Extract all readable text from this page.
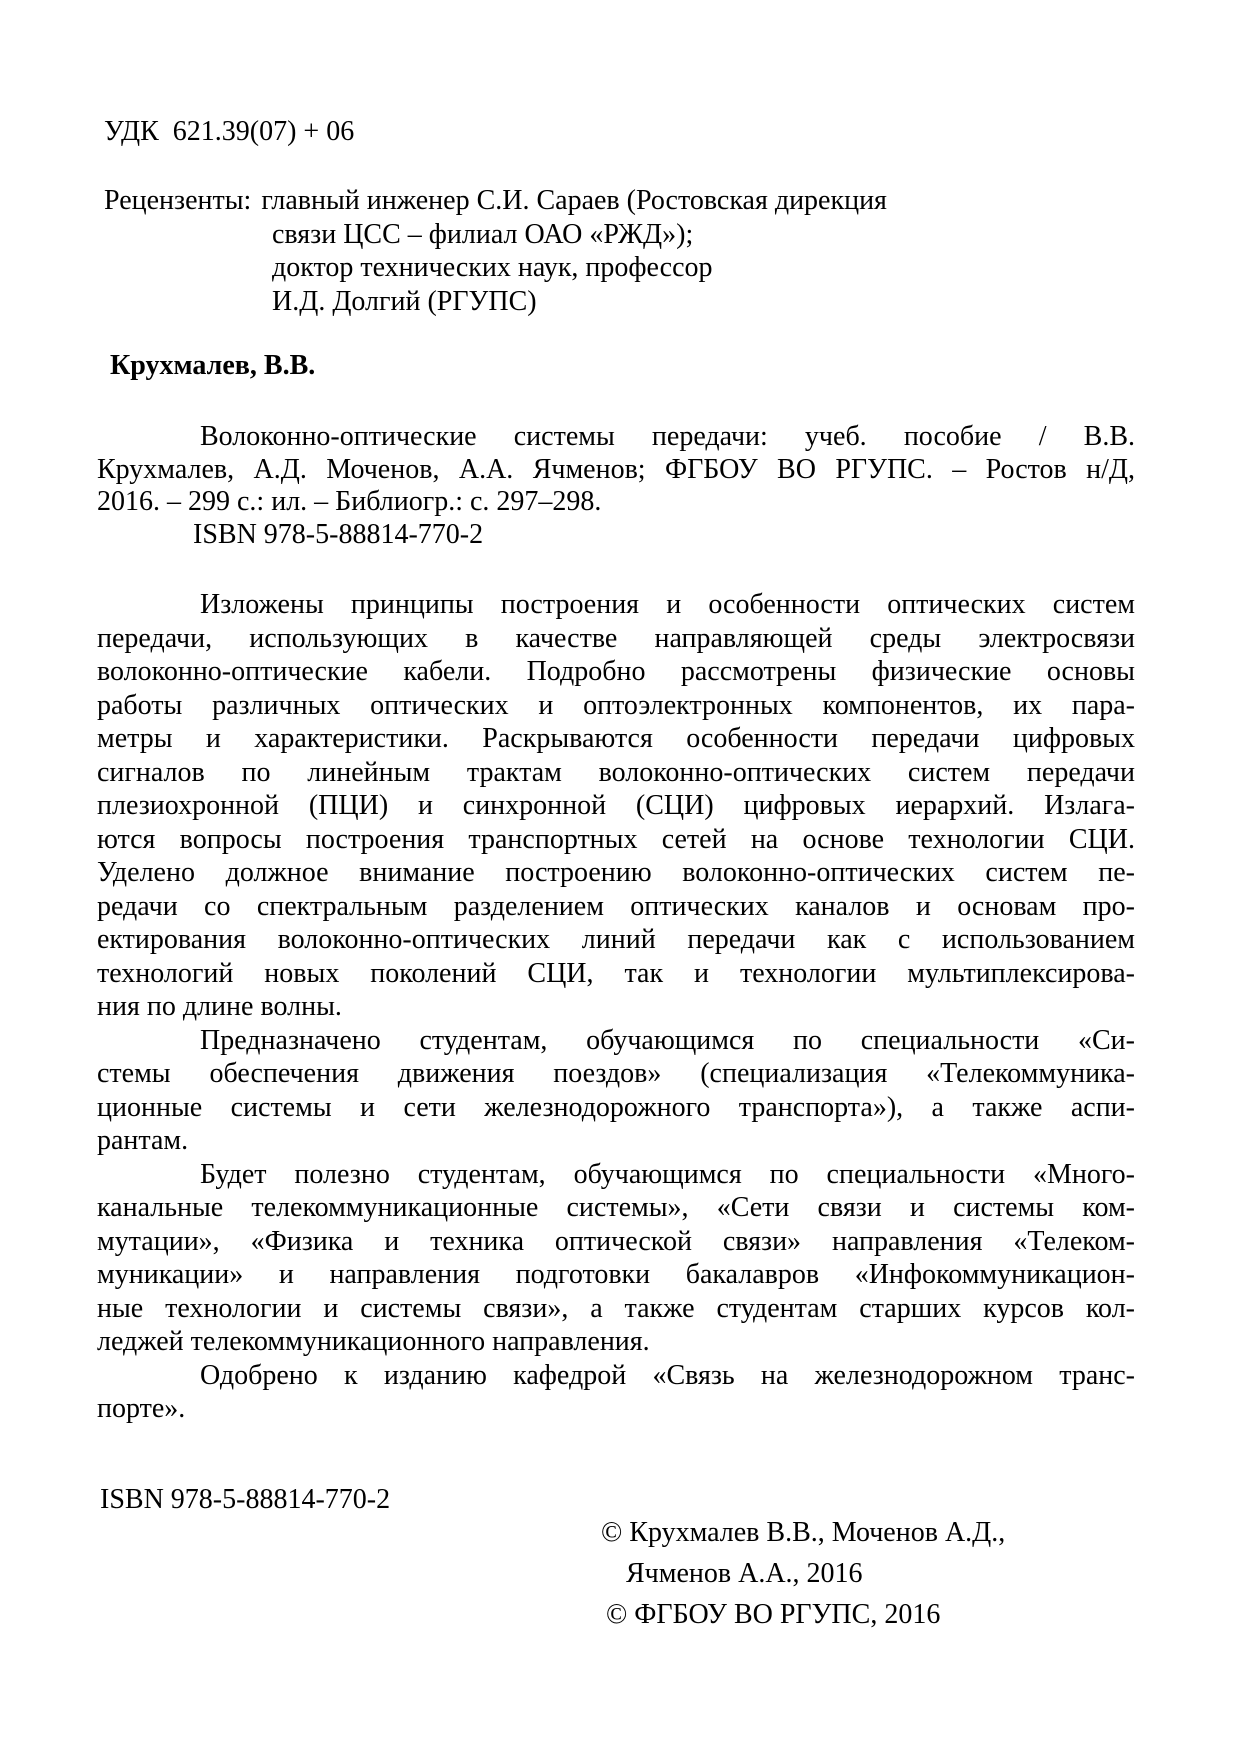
УДК  621.39(07) + 06
Рецензенты: главный инженер С.И. Сараев (Ростовская дирекция
связи ЦСС – филиал ОАО «РЖД»);
доктор технических наук, профессор
И.Д. Долгий (РГУПС)
Крухмалев, В.В.
Волоконно-оптические системы передачи: учеб. пособие / В.В.
Крухмалев, А.Д. Моченов, А.А. Ячменов; ФГБОУ ВО РГУПС. – Ростов н/Д,
2016. – 299 с.: ил. – Библиогр.: с. 297–298.
ISBN 978-5-88814-770-2
Изложены принципы построения и особенности оптических систем
передачи, использующих в качестве направляющей среды электросвязи
волоконно-оптические кабели. Подробно рассмотрены физические основы
работы различных оптических и оптоэлектронных компонентов, их пара-
метры и характеристики. Раскрываются особенности передачи цифровых
сигналов по линейным трактам волоконно-оптических систем передачи
плезиохронной (ПЦИ) и синхронной (СЦИ) цифровых иерархий. Излага-
ются вопросы построения транспортных сетей на основе технологии СЦИ.
Уделено должное внимание построению волоконно-оптических систем пе-
редачи со спектральным разделением оптических каналов и основам про-
ектирования волоконно-оптических линий передачи как с использованием
технологий новых поколений СЦИ, так и технологии мультиплексирова-
ния по длине волны.
Предназначено студентам, обучающимся по специальности «Си-
стемы обеспечения движения поездов» (специализация «Телекоммуника-
ционные системы и сети железнодорожного транспорта»), а также аспи-
рантам.
Будет полезно студентам, обучающимся по специальности «Много-
канальные телекоммуникационные системы», «Сети связи и системы ком-
мутации», «Физика и техника оптической связи» направления «Телеком-
муникации» и направления подготовки бакалавров «Инфокоммуникацион-
ные технологии и системы связи», а также студентам старших курсов кол-
леджей телекоммуникационного направления.
Одобрено к изданию кафедрой «Связь на железнодорожном транс-
порте».
ISBN 978-5-88814-770-2
© Крухмалев В.В., Моченов А.Д.,
Ячменов А.А., 2016
© ФГБОУ ВО РГУПС, 2016
